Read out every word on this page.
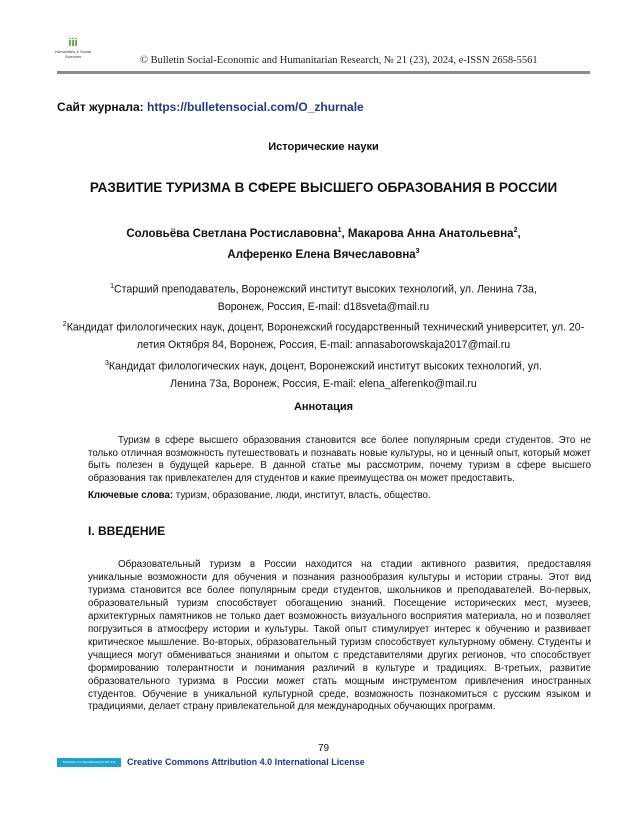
ііі
Humanities & Social Sciences	© Bulletin Social-Economic and Humanitarian Research, № 21 (23), 2024, e-ISSN 2658-5561
Сайт журнала: https://bulletensocial.com/O_zhurnale
Исторические науки
РАЗВИТИЕ ТУРИЗМА В СФЕРЕ ВЫСШЕГО ОБРАЗОВАНИЯ В РОССИИ
Соловьёва Светлана Ростиславовна$^1$, Макарова Анна Анатольевна$^2$,
Алференко Елена Вячеславовна$^3$
$^1$Старший преподаватель, Воронежский институт высоких технологий, ул. Ленина 73а, Воронеж, Россия, E-mail: d18sveta@mail.ru
$^2$Кандидат филологических наук, доцент, Воронежский государственный технический университет, ул. 20-летия Октября 84, Воронеж, Россия, E-mail: annasaborowskaja2017@mail.ru
$^3$Кандидат филологических наук, доцент, Воронежский институт высоких технологий, ул. Ленина 73а, Воронеж, Россия, E-mail: elena_alferenko@mail.ru
Аннотация

Туризм в сфере высшего образования становится все более популярным среди студентов. Это не только отличная возможность путешествовать и познавать новые культуры, но и ценный опыт, который может быть полезен в будущей карьере. В данной статье мы рассмотрим, почему туризм в сфере высшего образования так привлекателен для студентов и какие преимущества он может предоставить.

Ключевые слова: туризм, образование, люди, институт, власть, общество.
I. ВВЕДЕНИЕ

Образовательный туризм в России находится на стадии активного развития, предоставляя уникальные возможности для обучения и познания разнообразия культуры и истории страны. Этот вид туризма становится все более популярным среди студентов, школьников и преподавателей. Во-первых, образовательный туризм способствует обогащению знаний. Посещение исторических мест, музеев, архитектурных памятников не только дает возможность визуального восприятия материала, но и позволяет погрузиться в атмосферу истории и культуры. Такой опыт стимулирует интерес к обучению и развивает критическое мышление. Во-вторых, образовательный туризм способствует культурному обмену. Студенты и учащиеся могут обмениваться знаниями и опытом с представителями других регионов, что способствует формированию толерантности и понимания различий в культуре и традициях. В-третьих, развитие образовательного туризма в России может стать мощным инструментом привлечения иностранных студентов. Обучение в уникальной культурной среде, возможность познакомиться с русским языком и традициями, делает страну привлекательной для международных обучающих программ.

79
Attribution 4.0 International (CC BY 4.0)	Creative Commons Attribution 4.0 International License
